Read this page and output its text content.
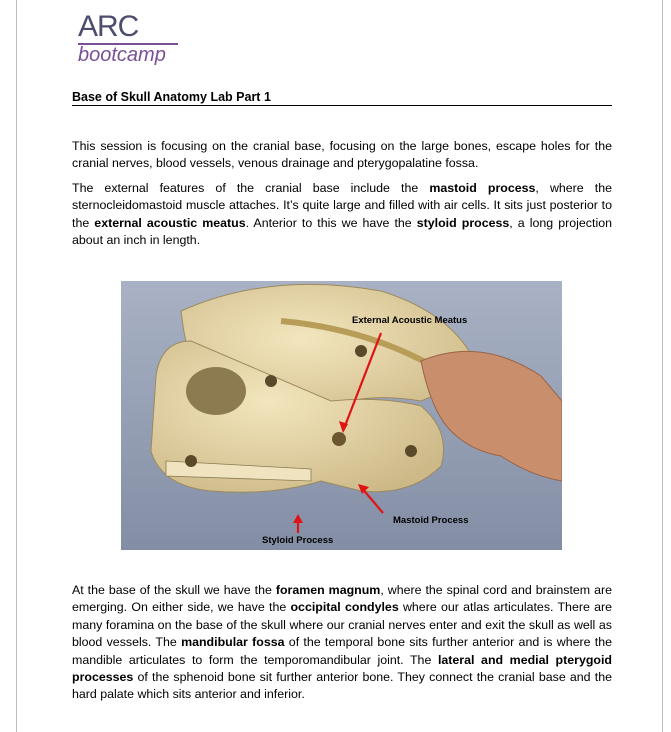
ARC
bootcamp
Base of Skull Anatomy Lab Part 1

This session is focusing on the cranial base, focusing on the large bones, escape holes for the cranial nerves, blood vessels, venous drainage and pterygopalatine fossa.

The external features of the cranial base include the mastoid process, where the sternocleidomastoid muscle attaches. It’s quite large and filled with air cells. It sits just posterior to the external acoustic meatus. Anterior to this we have the styloid process, a long projection about an inch in length.

External Acoustic Meatus
Mastoid Process
Styloid Process

At the base of the skull we have the foramen magnum, where the spinal cord and brainstem are emerging. On either side, we have the occipital condyles where our atlas articulates. There are many foramina on the base of the skull where our cranial nerves enter and exit the skull as well as blood vessels. The mandibular fossa of the temporal bone sits further anterior and is where the mandible articulates to form the temporomandibular joint. The lateral and medial pterygoid processes of the sphenoid bone sit further anterior bone. They connect the cranial base and the hard palate which sits anterior and inferior.
